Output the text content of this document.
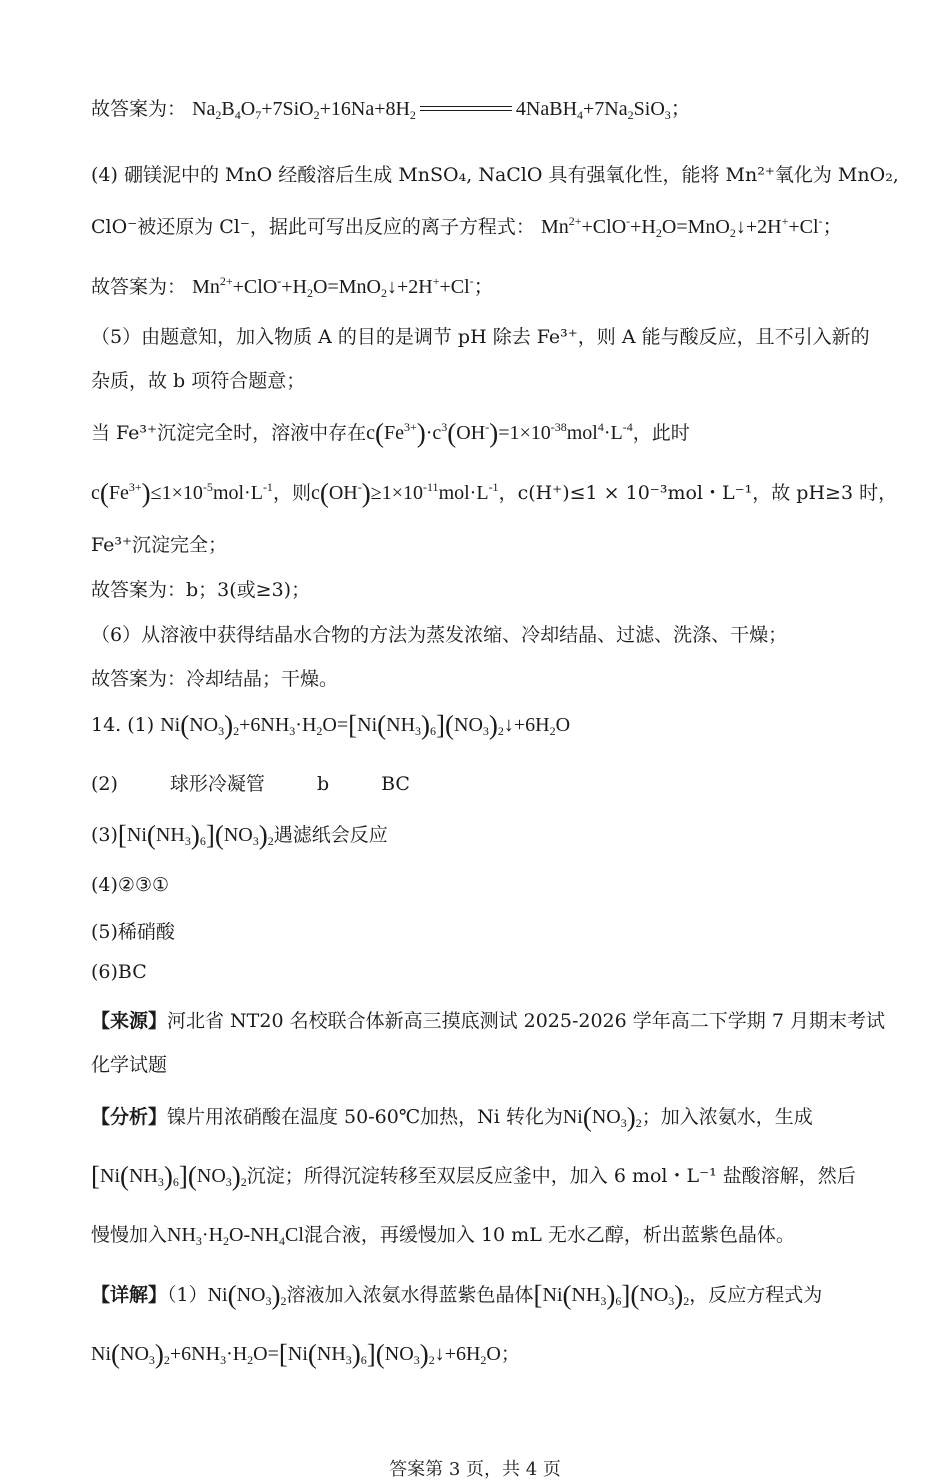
故答案为： $Na_2B_4O_7+7SiO_2+16Na+8H_2$	$4NaBH_4+7Na_2SiO_3$；
(4) 硼镁泥中的 MnO 经酸溶后生成 MnSO₄, NaClO 具有强氧化性，能将 Mn²⁺氧化为 MnO₂,
ClO⁻被还原为 Cl⁻，据此可写出反应的离子方程式： $Mn^{2+}+ClO^-+H_2O=MnO_2↓+2H^++Cl^-$；
故答案为： $Mn^{2+}+ClO^-+H_2O=MnO_2↓+2H^++Cl^-$；
（5）由题意知，加入物质 A 的目的是调节 pH 除去 Fe³⁺，则 A 能与酸反应，且不引入新的
杂质，故 b 项符合题意；
当 Fe³⁺沉淀完全时，溶液中存在$c(Fe^{3+})\cdot c^3(OH^-)=1\times 10^{-38}mol^4\cdot L^{-4}$，此时
$c(Fe^{3+})\le 1\times 10^{-5}mol\cdot L^{-1}$，则$c(OH^-)\ge 1\times 10^{-11}mol\cdot L^{-1}$，c(H⁺)≤1 × 10⁻³mol・L⁻¹，故 pH≥3 时，
Fe³⁺沉淀完全；
故答案为：b；3(或≥3)；
（6）从溶液中获得结晶水合物的方法为蒸发浓缩、冷却结晶、过滤、洗涤、干燥；
故答案为：冷却结晶；干燥。
14. (1) $Ni(NO_3)_2+6NH_3\cdot H_2O=[Ni(NH_3)_6](NO_3)_2↓+6H_2O$
(2)	球形冷凝管	b	BC
$(3)[Ni(NH_3)_6](NO_3)_2$遇滤纸会反应
(4)②③①
(5)稀硝酸
(6)BC
【来源】河北省 NT20 名校联合体新高三摸底测试 2025-2026 学年高二下学期 7 月期末考试
化学试题
【分析】镍片用浓硝酸在温度 50-60℃加热，Ni 转化为$Ni(NO_3)_2$；加入浓氨水，生成
$[Ni(NH_3)_6](NO_3)_2$沉淀；所得沉淀转移至双层反应釜中，加入 6 mol・L⁻¹ 盐酸溶解，然后
慢慢加入$NH_3\cdot H_2O-NH_4Cl$混合液，再缓慢加入 10 mL 无水乙醇，析出蓝紫色晶体。
【详解】$(1)Ni(NO_3)_2$溶液加入浓氨水得蓝紫色晶体$[Ni(NH_3)_6](NO_3)_2$，反应方程式为
$Ni(NO_3)_2+6NH_3\cdot H_2O=[Ni(NH_3)_6](NO_3)_2↓+6H_2O$；
答案第 3 页，共 4 页
